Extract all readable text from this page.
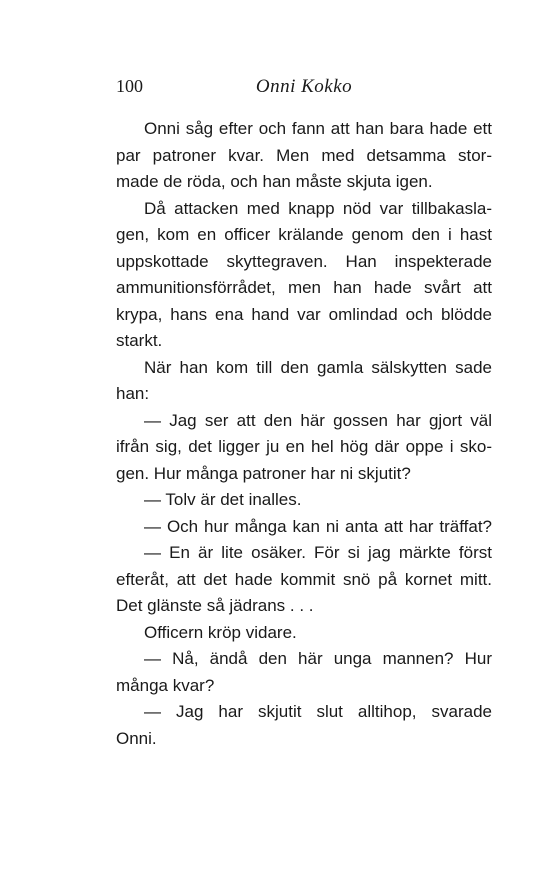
100	Onni Kokko
Onni såg efter och fann att han bara hade ett
par patroner kvar. Men med detsamma stor-
made de röda, och han måste skjuta igen.
Då attacken med knapp nöd var tillbakasla-
gen, kom en officer krälande genom den i hast
uppskottade skyttegraven. Han inspekterade
ammunitionsförrådet, men han hade svårt att
krypa, hans ena hand var omlindad och blödde
starkt.
När han kom till den gamla sälskytten sade
han:
— Jag ser att den här gossen har gjort väl
ifrån sig, det ligger ju en hel hög där oppe i sko-
gen. Hur många patroner har ni skjutit?
— Tolv är det inalles.
— Och hur många kan ni anta att har träffat?
— En är lite osäker. För si jag märkte först
efteråt, att det hade kommit snö på kornet mitt.
Det glänste så jädrans . . .
Officern kröp vidare.
— Nå, ändå den här unga mannen? Hur
många kvar?
— Jag har skjutit slut alltihop, svarade
Onni.
